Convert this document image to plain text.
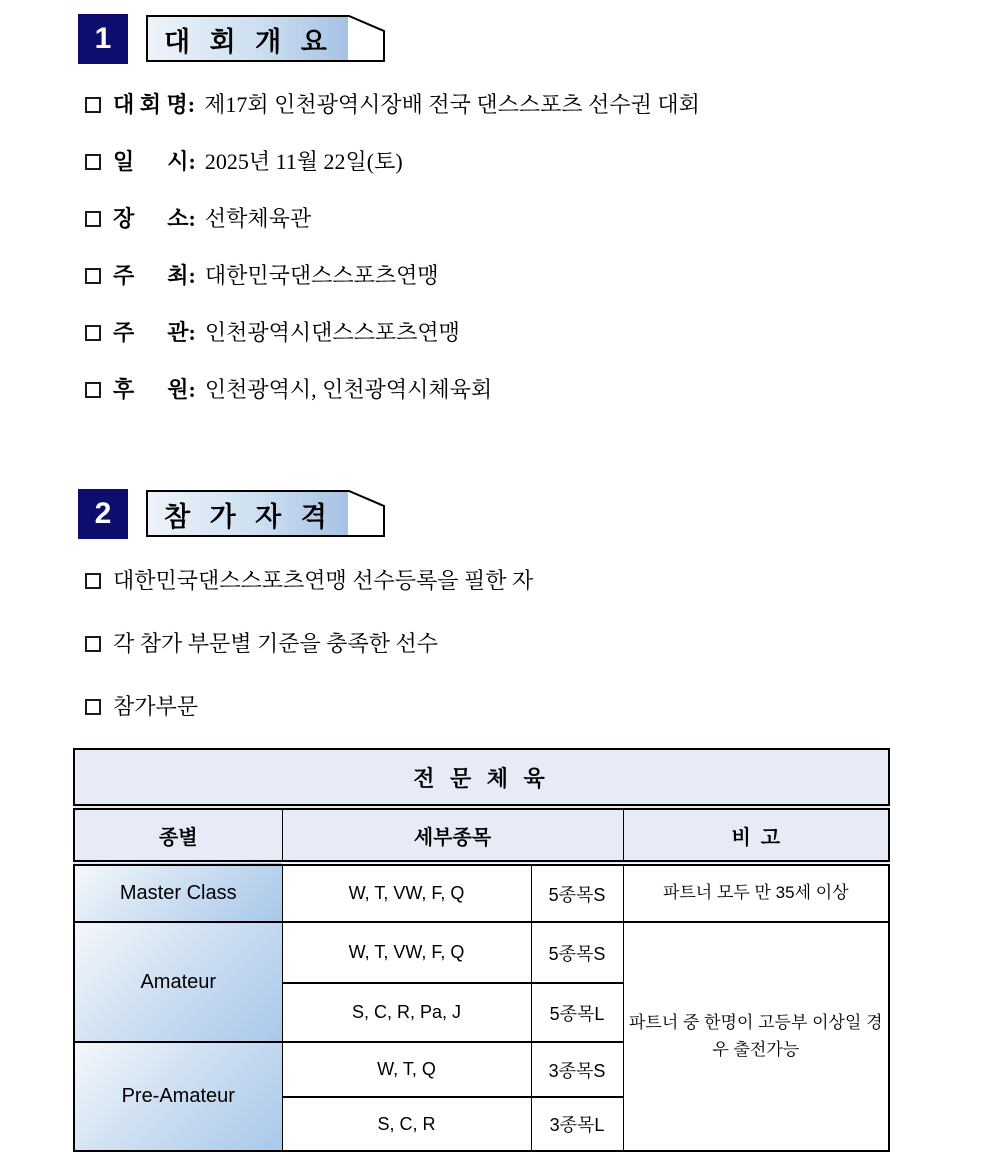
1	대 회 개 요
대 회 명: 제17회 인천광역시장배 전국 댄스스포츠 선수권 대회
일      시: 2025년 11월 22일(토)
장      소: 선학체육관
주      최: 대한민국댄스스포츠연맹
주      관: 인천광역시댄스스포츠연맹
후      원: 인천광역시, 인천광역시체육회
2	참 가 자 격
대한민국댄스스포츠연맹 선수등록을 필한 자
각 참가 부문별 기준을 충족한 선수
참가부문
전 문 체 육			
종별	세부종목		비  고
Master Class	W, T, VW, F, Q	5종목S	파트너 모두 만 35세 이상
Amateur	W, T, VW, F, Q	5종목S	파트너 중 한명이 고등부 이상일 경우 출전가능
	S, C, R, Pa, J	5종목L	
Pre-Amateur	W, T, Q	3종목S	
	S, C, R	3종목L	
